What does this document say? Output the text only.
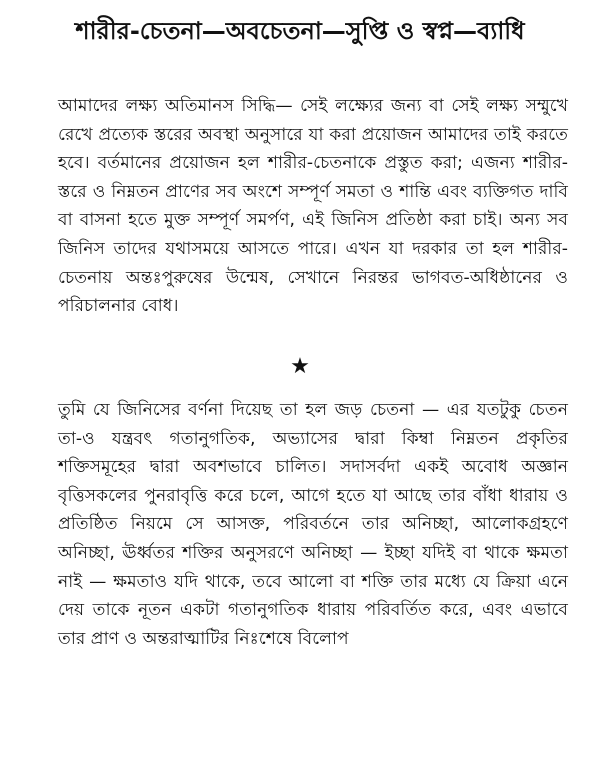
শারীর-চেতনা—অবচেতনা—সুপ্তি ও স্বপ্ন—ব্যাধি
আমাদের লক্ষ্য অতিমানস সিদ্ধি— সেই লক্ষ্যের জন্য বা সেই লক্ষ্য সম্মুখে রেখে প্রত্যেক স্তরের অবস্থা অনুসারে যা করা প্রয়োজন আমাদের তাই করতে হবে। বর্তমানের প্রয়োজন হল শারীর-চেতনাকে প্রস্তুত করা; এজন্য শারীর-স্তরে ও নিম্নতন প্রাণের সব অংশে সম্পূর্ণ সমতা ও শান্তি এবং ব্যক্তিগত দাবি বা বাসনা হতে মুক্ত সম্পূর্ণ সমর্পণ, এই জিনিস প্রতিষ্ঠা করা চাই। অন্য সব জিনিস তাদের যথাসময়ে আসতে পারে। এখন যা দরকার তা হল শারীর-চেতনায় অন্তঃপুরুষের উন্মেষ, সেখানে নিরন্তর ভাগবত-অধিষ্ঠানের ও পরিচালনার বোধ।
★
তুমি যে জিনিসের বর্ণনা দিয়েছ তা হল জড় চেতনা — এর যতটুকু চেতন তা-ও যন্ত্রবৎ গতানুগতিক, অভ্যাসের দ্বারা কিম্বা নিম্নতন প্রকৃতির শক্তিসমূহের দ্বারা অবশভাবে চালিত। সদাসর্বদা একই অবোধ অজ্ঞান বৃত্তিসকলের পুনরাবৃত্তি করে চলে, আগে হতে যা আছে তার বাঁধা ধারায় ও প্রতিষ্ঠিত নিয়মে সে আসক্ত, পরিবর্তনে তার অনিচ্ছা, আলোকগ্রহণে অনিচ্ছা, ঊর্ধ্বতর শক্তির অনুসরণে অনিচ্ছা — ইচ্ছা যদিই বা থাকে ক্ষমতা নাই — ক্ষমতাও যদি থাকে, তবে আলো বা শক্তি তার মধ্যে যে ক্রিয়া এনে দেয় তাকে নূতন একটা গতানুগতিক ধারায় পরিবর্তিত করে, এবং এভাবে তার প্রাণ ও অন্তরাত্মাটির নিঃশেষে বিলোপ
